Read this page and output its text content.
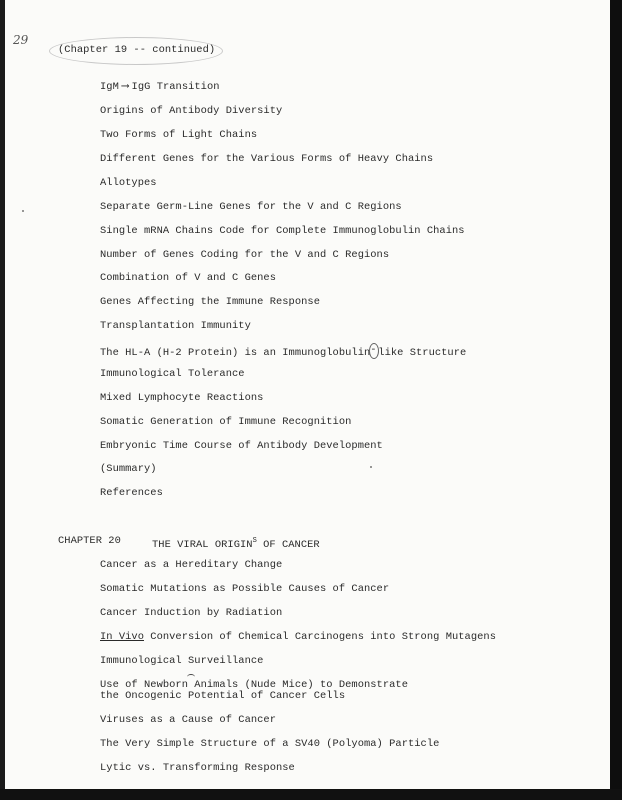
29
(Chapter 19 -- continued)
IgM ⟶ IgG Transition
Origins of Antibody Diversity
Two Forms of Light Chains
Different Genes for the Various Forms of Heavy Chains
Allotypes
Separate Germ-Line Genes for the V and C Regions
Single mRNA Chains Code for Complete Immunoglobulin Chains
Number of Genes Coding for the V and C Regions
Combination of V and C Genes
Genes Affecting the Immune Response
Transplantation Immunity
The HL-A (H-2 Protein) is an Immunoglobulin- like Structure
Immunological Tolerance
Mixed Lymphocyte Reactions
Somatic Generation of Immune Recognition
Embryonic Time Course of Antibody Development
(Summary)
References
CHAPTER 20	THE VIRAL $ORIGIN^S$ OF CANCER
Cancer as a Hereditary Change
Somatic Mutations as Possible Causes of Cancer
Cancer Induction by Radiation
In Vivo Conversion of Chemical Carcinogens into Strong Mutagens
Immunological Surveillance
Use of Newborn Animals (Nude Mice) to Demonstrate
the Oncogenic Potential of Cancer Cells
Viruses as a Cause of Cancer
The Very Simple Structure of a SV40 (Polyoma) Particle
Lytic vs. Transforming Response
